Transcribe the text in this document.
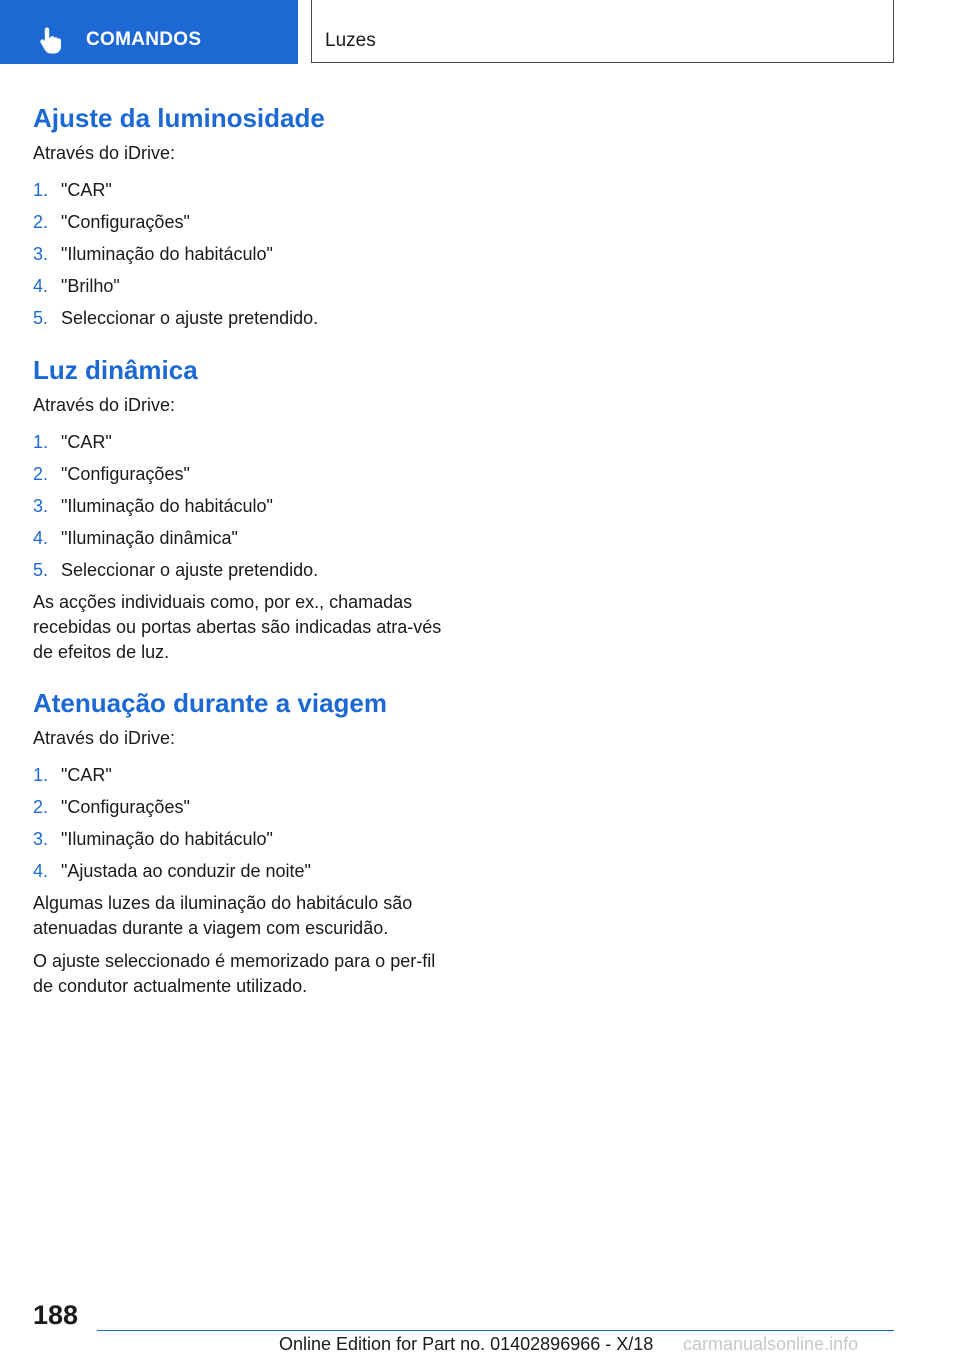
COMANDOS	Luzes
Ajuste da luminosidade
Através do iDrive:
1. "CAR"
2. "Configurações"
3. "Iluminação do habitáculo"
4. "Brilho"
5. Seleccionar o ajuste pretendido.
Luz dinâmica
Através do iDrive:
1. "CAR"
2. "Configurações"
3. "Iluminação do habitáculo"
4. "Iluminação dinâmica"
5. Seleccionar o ajuste pretendido.

As acções individuais como, por ex., chamadas recebidas ou portas abertas são indicadas atra-vés de efeitos de luz.

Atenuação durante a viagem
Através do iDrive:
1. "CAR"
2. "Configurações"
3. "Iluminação do habitáculo"
4. "Ajustada ao conduzir de noite"

Algumas luzes da iluminação do habitáculo são atenuadas durante a viagem com escuridão.

O ajuste seleccionado é memorizado para o per-fil de condutor actualmente utilizado.

188
Online Edition for Part no. 01402896966 - X/18 carmanualsonline.info
